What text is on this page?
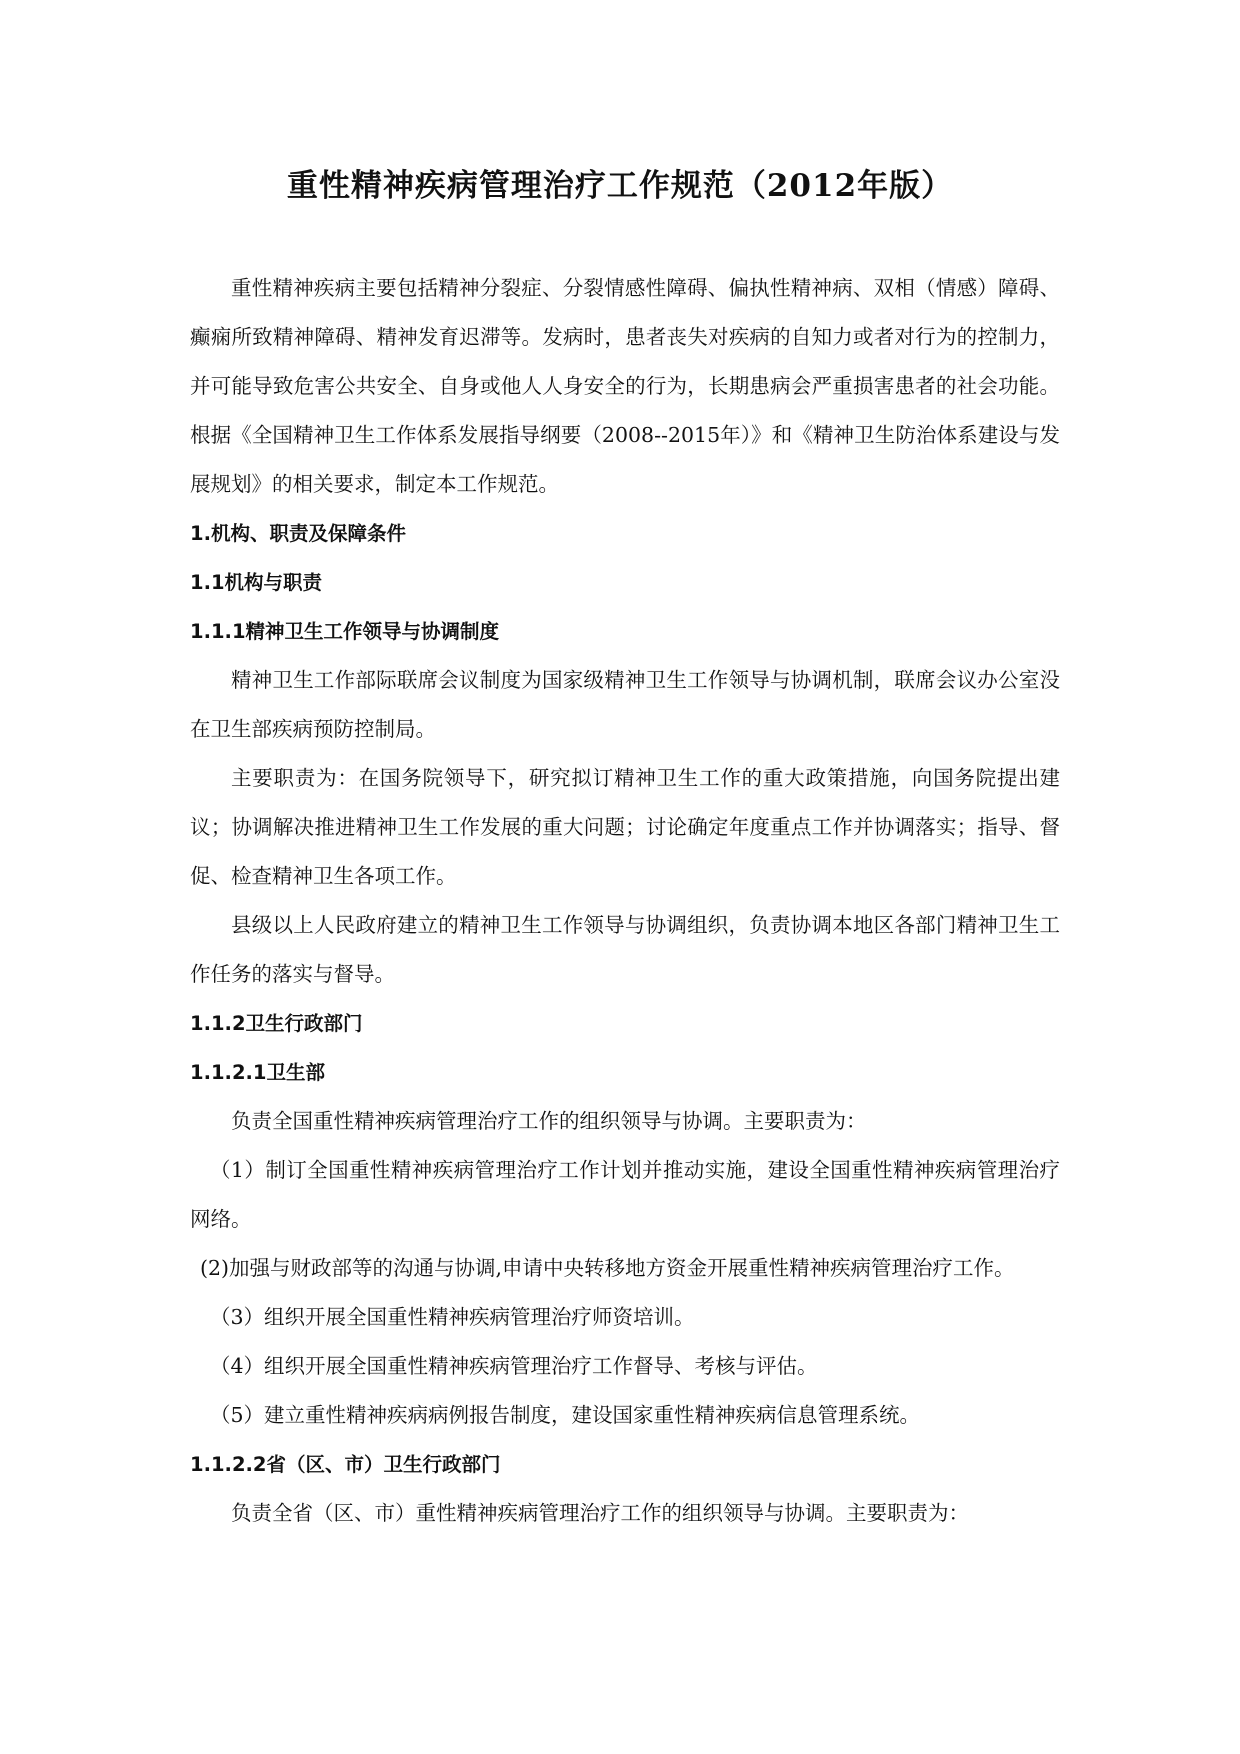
重性精神疾病管理治疗工作规范（2012年版）

重性精神疾病主要包括精神分裂症、分裂情感性障碍、偏执性精神病、双相（情感）障碍、癫痫所致精神障碍、精神发育迟滞等。发病时，患者丧失对疾病的自知力或者对行为的控制力，并可能导致危害公共安全、自身或他人人身安全的行为，长期患病会严重损害患者的社会功能。根据《全国精神卫生工作体系发展指导纲要（2008--2015年）》和《精神卫生防治体系建设与发展规划》的相关要求，制定本工作规范。

1.机构、职责及保障条件

1.1机构与职责

1.1.1精神卫生工作领导与协调制度

精神卫生工作部际联席会议制度为国家级精神卫生工作领导与协调机制，联席会议办公室没在卫生部疾病预防控制局。

主要职责为：在国务院领导下，研究拟订精神卫生工作的重大政策措施，向国务院提出建议；协调解决推进精神卫生工作发展的重大问题；讨论确定年度重点工作并协调落实；指导、督促、检查精神卫生各项工作。

县级以上人民政府建立的精神卫生工作领导与协调组织，负责协调本地区各部门精神卫生工作任务的落实与督导。

1.1.2卫生行政部门

1.1.2.1卫生部

负责全国重性精神疾病管理治疗工作的组织领导与协调。主要职责为：

（1）制订全国重性精神疾病管理治疗工作计划并推动实施，建设全国重性精神疾病管理治疗网络。

(2)加强与财政部等的沟通与协调,申请中央转移地方资金开展重性精神疾病管理治疗工作。

（3）组织开展全国重性精神疾病管理治疗师资培训。

（4）组织开展全国重性精神疾病管理治疗工作督导、考核与评估。

（5）建立重性精神疾病病例报告制度，建设国家重性精神疾病信息管理系统。

1.1.2.2省（区、市）卫生行政部门

负责全省（区、市）重性精神疾病管理治疗工作的组织领导与协调。主要职责为：
